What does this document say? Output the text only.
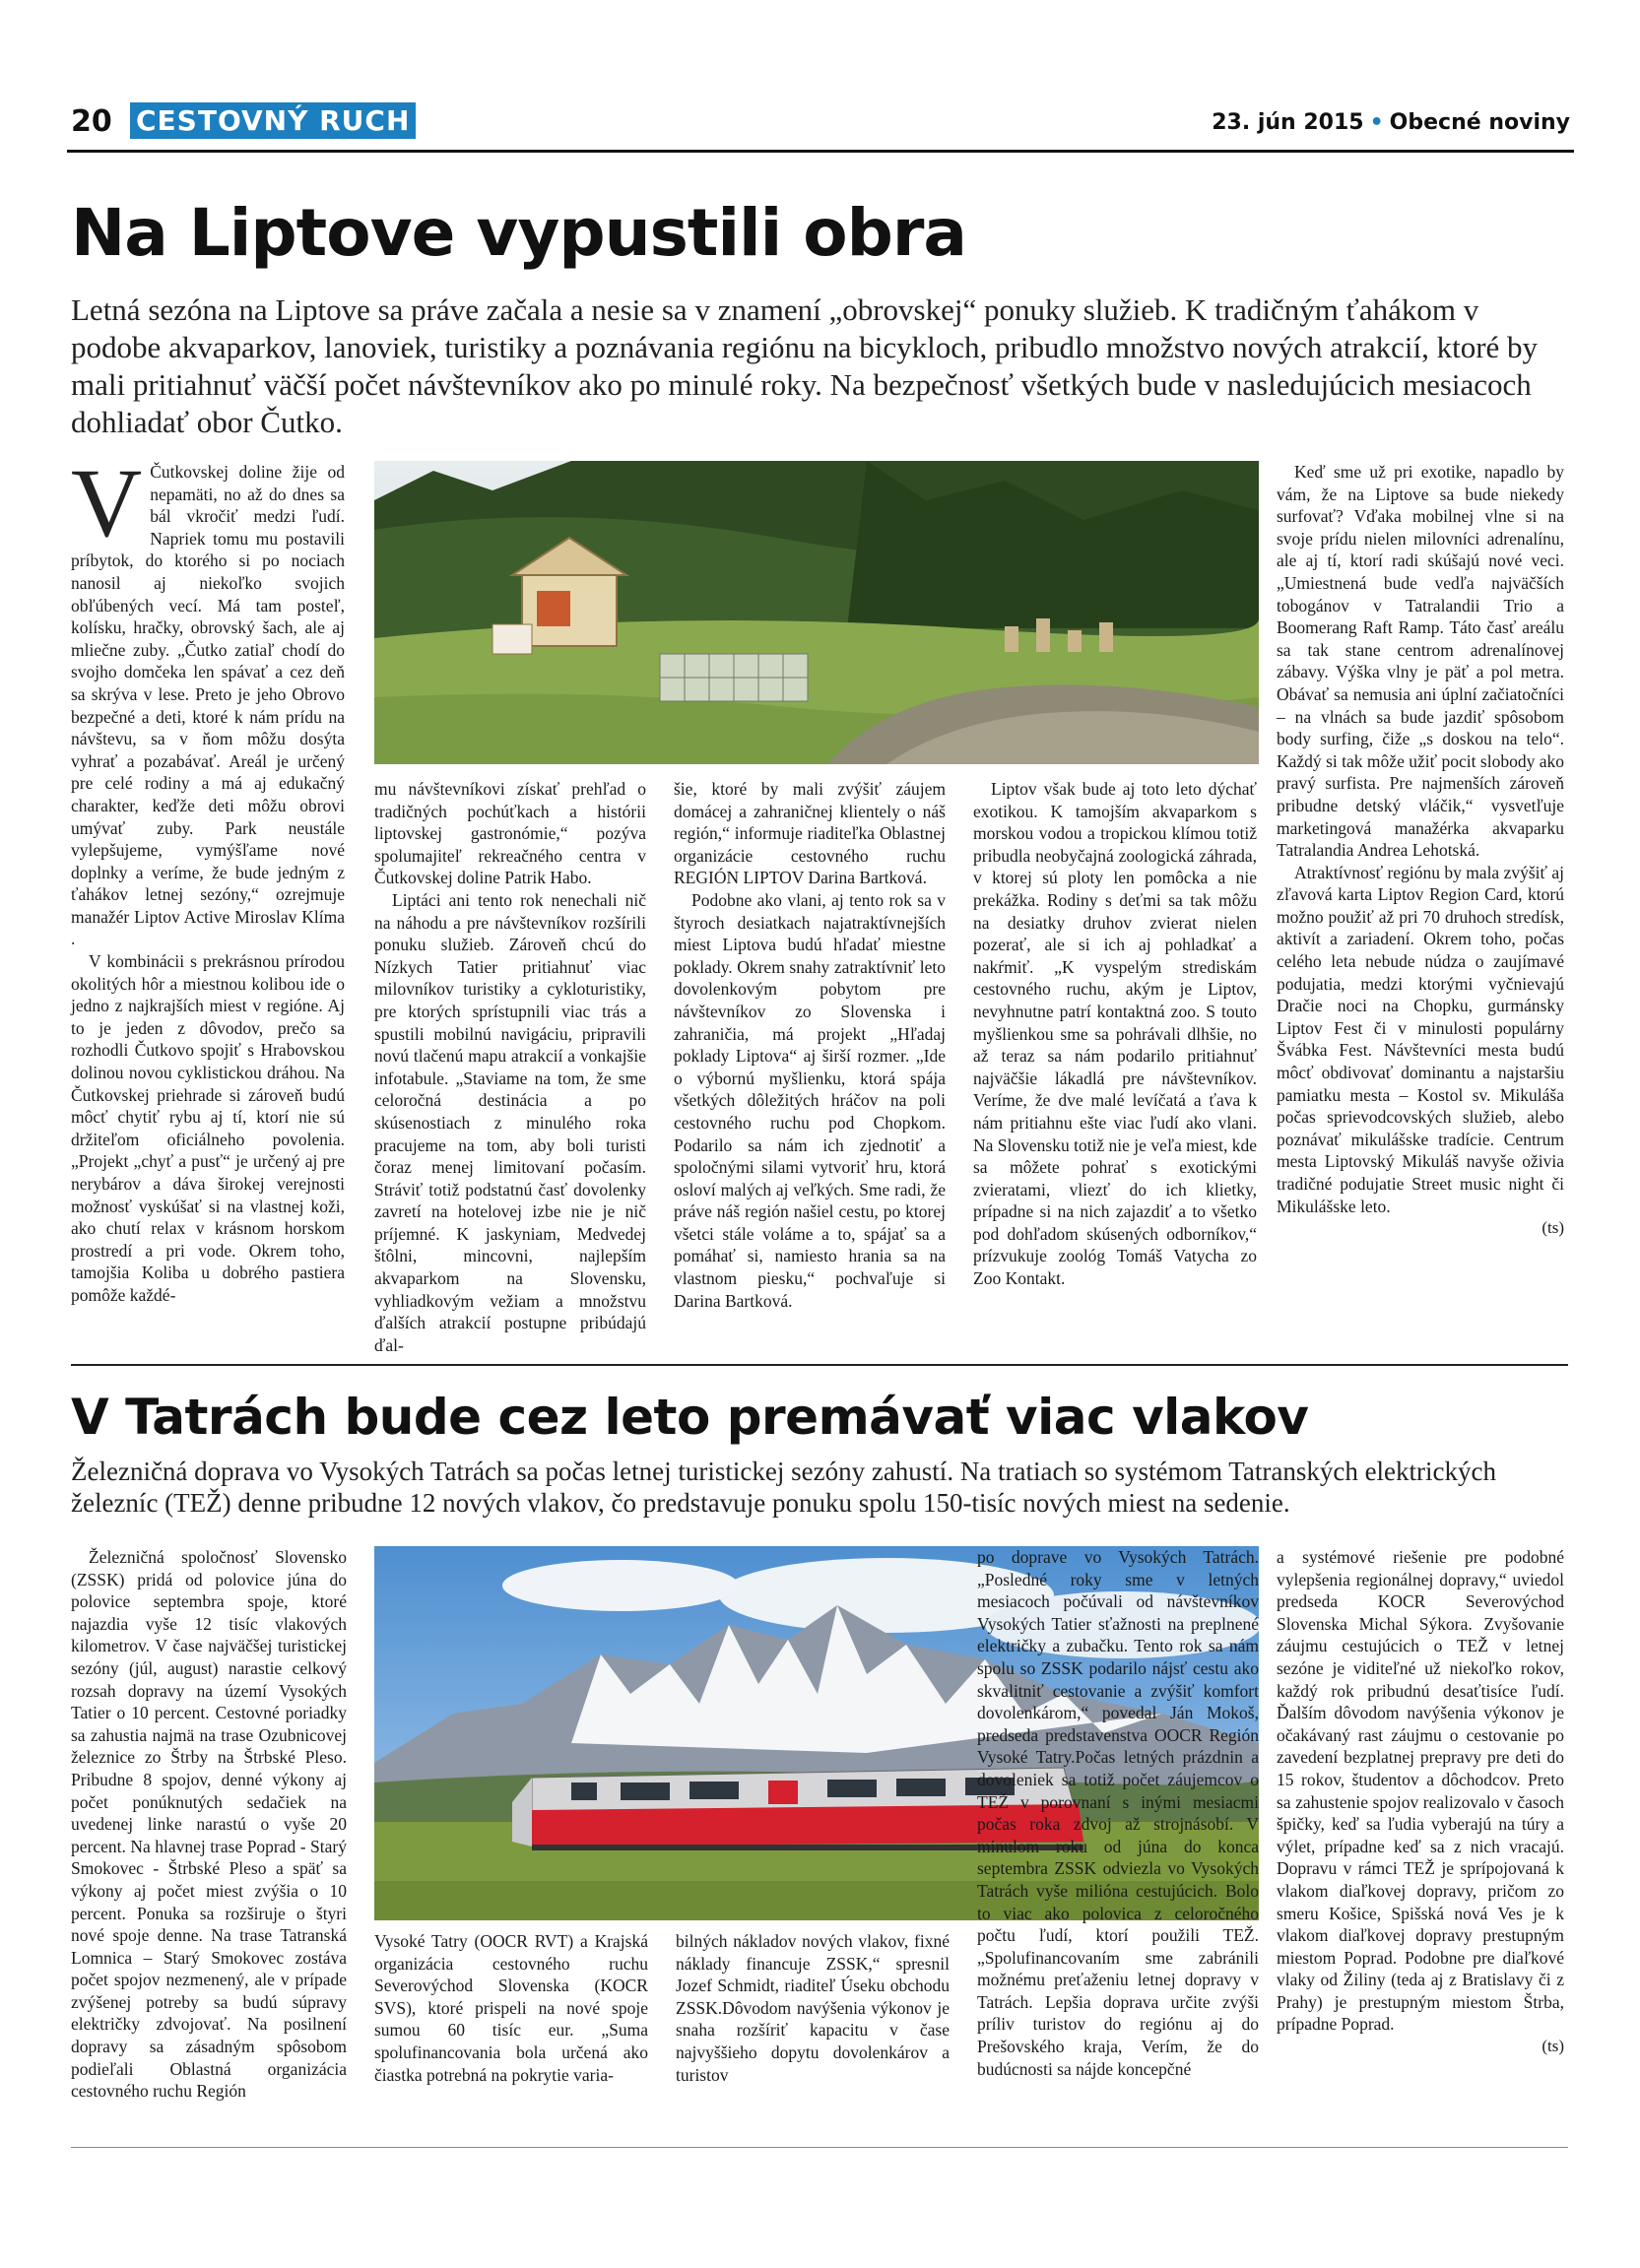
20 CESTOVNÝ RUCH	23. jún 2015 • Obecné noviny
Na Liptove vypustili obra

Letná sezóna na Liptove sa práve začala a nesie sa v znamení „obrovskej“ ponuky služieb. K tradičným ťahákom v podobe akvaparkov, lanoviek, turistiky a poznávania regiónu na bicykloch, pribudlo množstvo nových atrakcií, ktoré by mali pritiahnuť väčší počet návštevníkov ako po minulé roky. Na bezpečnosť všetkých bude v nasledujúcich mesiacoch dohliadať obor Čutko.

V Čutkovskej doline žije od nepamäti, no až do dnes sa bál vkročiť medzi ľudí. Napriek tomu mu postavili príbytok, do ktorého si po nociach nanosil aj niekoľko svojich obľúbených vecí. Má tam posteľ, kolísku, hračky, obrovský šach, ale aj mliečne zuby. „Čutko zatiaľ chodí do svojho domčeka len spávať a cez deň sa skrýva v lese. Preto je jeho Obrovo bezpečné a deti, ktoré k nám prídu na návštevu, sa v ňom môžu dosýta vyhrať a pozabávať. Areál je určený pre celé rodiny a má aj edukačný charakter, keďže deti môžu obrovi umývať zuby. Park neustále vylepšujeme, vymýšľame nové doplnky a veríme, že bude jedným z ťahákov letnej sezóny,“ ozrejmuje manažér Liptov Active Miroslav Klíma .

V kombinácii s prekrásnou prírodou okolitých hôr a miestnou kolibou ide o jedno z najkrajších miest v regióne. Aj to je jeden z dôvodov, prečo sa rozhodli Čutkovo spojiť s Hrabovskou dolinou novou cyklistickou dráhou. Na Čutkovskej priehrade si zároveň budú môcť chytiť rybu aj tí, ktorí nie sú držiteľom oficiálneho povolenia. „Projekt „chyť a pusť“ je určený aj pre nerybárov a dáva širokej verejnosti možnosť vyskúšať si na vlastnej koži, ako chutí relax v krásnom horskom prostredí a pri vode. Okrem toho, tamojšia Koliba u dobrého pastiera pomôže každé-

mu návštevníkovi získať prehľad o tradičných pochúťkach a histórii liptovskej gastronómie,“ pozýva spolumajiteľ rekreačného centra v Čutkovskej doline Patrik Habo.

Liptáci ani tento rok nenechali nič na náhodu a pre návštevníkov rozšírili ponuku služieb. Zároveň chcú do Nízkych Tatier pritiahnuť viac milovníkov turistiky a cykloturistiky, pre ktorých sprístupnili viac trás a spustili mobilnú navigáciu, pripravili novú tlačenú mapu atrakcií a vonkajšie infotabule. „Staviame na tom, že sme celoročná destinácia a po skúsenostiach z minulého roka pracujeme na tom, aby boli turisti čoraz menej limitovaní počasím. Stráviť totiž podstatnú časť dovolenky zavretí na hotelovej izbe nie je nič príjemné. K jaskyniam, Medvedej štôlni, mincovni, najlepším akvaparkom na Slovensku, vyhliadkovým vežiam a množstvu ďalších atrakcií postupne pribúdajú ďal-

šie, ktoré by mali zvýšiť záujem domácej a zahraničnej klientely o náš región,“ informuje riaditeľka Oblastnej organizácie cestovného ruchu REGIÓN LIPTOV Darina Bartková.

Podobne ako vlani, aj tento rok sa v štyroch desiatkach najatraktívnejších miest Liptova budú hľadať miestne poklady. Okrem snahy zatraktívniť leto dovolenkovým pobytom pre návštevníkov zo Slovenska i zahraničia, má projekt „Hľadaj poklady Liptova“ aj širší rozmer. „Ide o výbornú myšlienku, ktorá spája všetkých dôležitých hráčov na poli cestovného ruchu pod Chopkom. Podarilo sa nám ich zjednotiť a spoločnými silami vytvoriť hru, ktorá osloví malých aj veľkých. Sme radi, že práve náš región našiel cestu, po ktorej všetci stále voláme a to, spájať sa a pomáhať si, namiesto hrania sa na vlastnom piesku,“ pochvaľuje si Darina Bartková.

Liptov však bude aj toto leto dýchať exotikou. K tamojším akvaparkom s morskou vodou a tropickou klímou totiž pribudla neobyčajná zoologická záhrada, v ktorej sú ploty len pomôcka a nie prekážka. Rodiny s deťmi sa tak môžu na desiatky druhov zvierat nielen pozerať, ale si ich aj pohladkať a nakŕmiť. „K vyspelým strediskám cestovného ruchu, akým je Liptov, nevyhnutne patrí kontaktná zoo. S touto myšlienkou sme sa pohrávali dlhšie, no až teraz sa nám podarilo pritiahnuť najväčšie lákadlá pre návštevníkov. Veríme, že dve malé levíčatá a ťava k nám pritiahnu ešte viac ľudí ako vlani. Na Slovensku totiž nie je veľa miest, kde sa môžete pohrať s exotickými zvieratami, vliezť do ich klietky, prípadne si na nich zajazdiť a to všetko pod dohľadom skúsených odborníkov,“ prízvukuje zoológ Tomáš Vatycha zo Zoo Kontakt.

Keď sme už pri exotike, napadlo by vám, že na Liptove sa bude niekedy surfovať? Vďaka mobilnej vlne si na svoje prídu nielen milovníci adrenalínu, ale aj tí, ktorí radi skúšajú nové veci. „Umiestnená bude vedľa najväčších tobogánov v Tatralandii Trio a Boomerang Raft Ramp. Táto časť areálu sa tak stane centrom adrenalínovej zábavy. Výška vlny je päť a pol metra. Obávať sa nemusia ani úplní začiatočníci – na vlnách sa bude jazdiť spôsobom body surfing, čiže „s doskou na telo“. Každý si tak môže užiť pocit slobody ako pravý surfista. Pre najmenších zároveň pribudne detský vláčik,“ vysvetľuje marketingová manažérka akvaparku Tatralandia Andrea Lehotská.

Atraktívnosť regiónu by mala zvýšiť aj zľavová karta Liptov Region Card, ktorú možno použiť až pri 70 druhoch stredísk, aktivít a zariadení. Okrem toho, počas celého leta nebude núdza o zaujímavé podujatia, medzi ktorými vyčnievajú Dračie noci na Chopku, gurmánsky Liptov Fest či v minulosti populárny Švábka Fest. Návštevníci mesta budú môcť obdivovať dominantu a najstaršiu pamiatku mesta – Kostol sv. Mikuláša počas sprievodcovských služieb, alebo poznávať mikulášske tradície. Centrum mesta Liptovský Mikuláš navyše oživia tradičné podujatie Street music night či Mikulášske leto.

(ts)
V Tatrách bude cez leto premávať viac vlakov

Železničná doprava vo Vysokých Tatrách sa počas letnej turistickej sezóny zahustí. Na tratiach so systémom Tatranských elektrických železníc (TEŽ) denne pribudne 12 nových vlakov, čo predstavuje ponuku spolu 150-tisíc nových miest na sedenie.

Železničná spoločnosť Slovensko (ZSSK) pridá od polovice júna do polovice septembra spoje, ktoré najazdia vyše 12 tisíc vlakových kilometrov. V čase najväčšej turistickej sezóny (júl, august) narastie celkový rozsah dopravy na území Vysokých Tatier o 10 percent. Cestovné poriadky sa zahustia najmä na trase Ozubnicovej železnice zo Štrby na Štrbské Pleso. Pribudne 8 spojov, denné výkony aj počet ponúknutých sedačiek na uvedenej linke narastú o vyše 20 percent. Na hlavnej trase Poprad - Starý Smokovec - Štrbské Pleso a späť sa výkony aj počet miest zvýšia o 10 percent. Ponuka sa rozširuje o štyri nové spoje denne. Na trase Tatranská Lomnica – Starý Smokovec zostáva počet spojov nezmenený, ale v prípade zvýšenej potreby sa budú súpravy električky zdvojovať. Na posilnení dopravy sa zásadným spôsobom podieľali Oblastná organizácia cestovného ruchu Región

Vysoké Tatry (OOCR RVT) a Krajská organizácia cestovného ruchu Severovýchod Slovenska (KOCR SVS), ktoré prispeli na nové spoje sumou 60 tisíc eur. „Suma spolufinancovania bola určená ako čiastka potrebná na pokrytie varia-

bilných nákladov nových vlakov, fixné náklady financuje ZSSK,“ spresnil Jozef Schmidt, riaditeľ Úseku obchodu ZSSK.Dôvodom navýšenia výkonov je snaha rozšíriť kapacitu v čase najvyššieho dopytu dovolenkárov a turistov

po doprave vo Vysokých Tatrách. „Posledné roky sme v letných mesiacoch počúvali od návštevníkov Vysokých Tatier sťažnosti na preplnené električky a zubačku. Tento rok sa nám spolu so ZSSK podarilo nájsť cestu ako skvalitniť cestovanie a zvýšiť komfort dovolenkárom,“ povedal Ján Mokoš, predseda predstavenstva OOCR Región Vysoké Tatry.Počas letných prázdnin a dovoleniek sa totiž počet záujemcov o TEŽ v porovnaní s inými mesiacmi počas roka zdvoj až strojnásobí. V minulom roku od júna do konca septembra ZSSK odviezla vo Vysokých Tatrách vyše milióna cestujúcich. Bolo to viac ako polovica z celoročného počtu ľudí, ktorí použili TEŽ.„Spolufinancovaním sme zabránili možnému preťaženiu letnej dopravy v Tatrách. Lepšia doprava určite zvýši príliv turistov do regiónu aj do Prešovského kraja, Verím, že do budúcnosti sa nájde koncepčné

a systémové riešenie pre podobné vylepšenia regionálnej dopravy,“ uviedol predseda KOCR Severovýchod Slovenska Michal Sýkora. Zvyšovanie záujmu cestujúcich o TEŽ v letnej sezóne je viditeľné už niekoľko rokov, každý rok pribudnú desaťtisíce ľudí. Ďalším dôvodom navýšenia výkonov je očakávaný rast záujmu o cestovanie po zavedení bezplatnej prepravy pre deti do 15 rokov, študentov a dôchodcov. Preto sa zahustenie spojov realizovalo v časoch špičky, keď sa ľudia vyberajú na túry a výlet, prípadne keď sa z nich vracajú. Dopravu v rámci TEŽ je sprípojovaná k vlakom diaľkovej dopravy, pričom zo smeru Košice, Spišská nová Ves je k vlakom diaľkovej dopravy prestupným miestom Poprad. Podobne pre diaľkové vlaky od Žiliny (teda aj z Bratislavy či z Prahy) je prestupným miestom Štrba, prípadne Poprad.

(ts)
